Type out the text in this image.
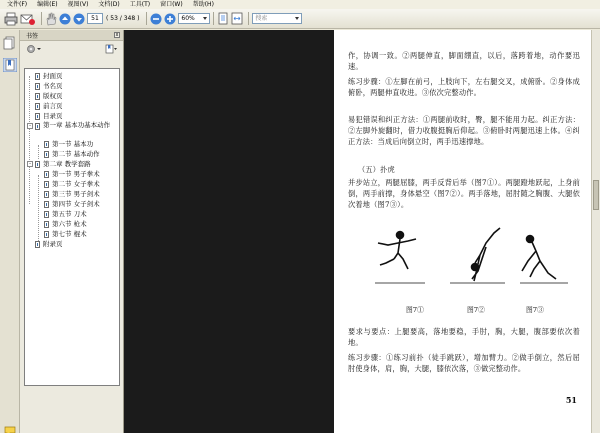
文件(F)	编辑(E)	视图(V)	文档(D)	工具(T)	窗口(W)	帮助(H)
51	( 53 / 348 )	60%	搜索
书签	x
封面页
书名页
版权页
前言页
目录页
-	第一章 基本功基本动作
第一节 基本功
第二节 基本动作
-	第二章 教学套路
第一节 男子拳术
第二节 女子拳术
第三节 男子剑术
第四节 女子剑术
第五节 刀术
第六节 枪术
第七节 棍术
附录页

作，协调一致。②两腿伸直，脚面绷直，以后，落跨着地，动作要迅速。

练习步骤：①左脚在前弓，上肢向下，左右腿交叉，成俯卧。②身体成俯卧，两腿伸直收进。③依次完整动作。

易犯错误和纠正方法：①两腿前收时，臀，腿不能用力起。纠正方法：②左脚外旋翻时，借力收腹挺胸后仰起。③俯卧时两腿迅速上体。④纠正方法：当成后向倒立时，两手迅速撑地。

（五）扑虎

并步站立，两腿屈膝，两手反背后举（图7①）。两腿蹬地跃起，上身前倒，两手前撑，身体悬空（图7②）。两手落地，屈肘随之胸腹、大腿依次着地（图7③）。

图7①	图7②	图7③

要求与要点：上腿要高，落地要稳，手肘，胸，大腿，腹部要依次着地。

练习步骤：①练习前扑（徒手跳跃），增加臂力。②做手倒立，然后屈肘使身体，肩，胸，大腿，膝依次落，③做完整动作。

51
